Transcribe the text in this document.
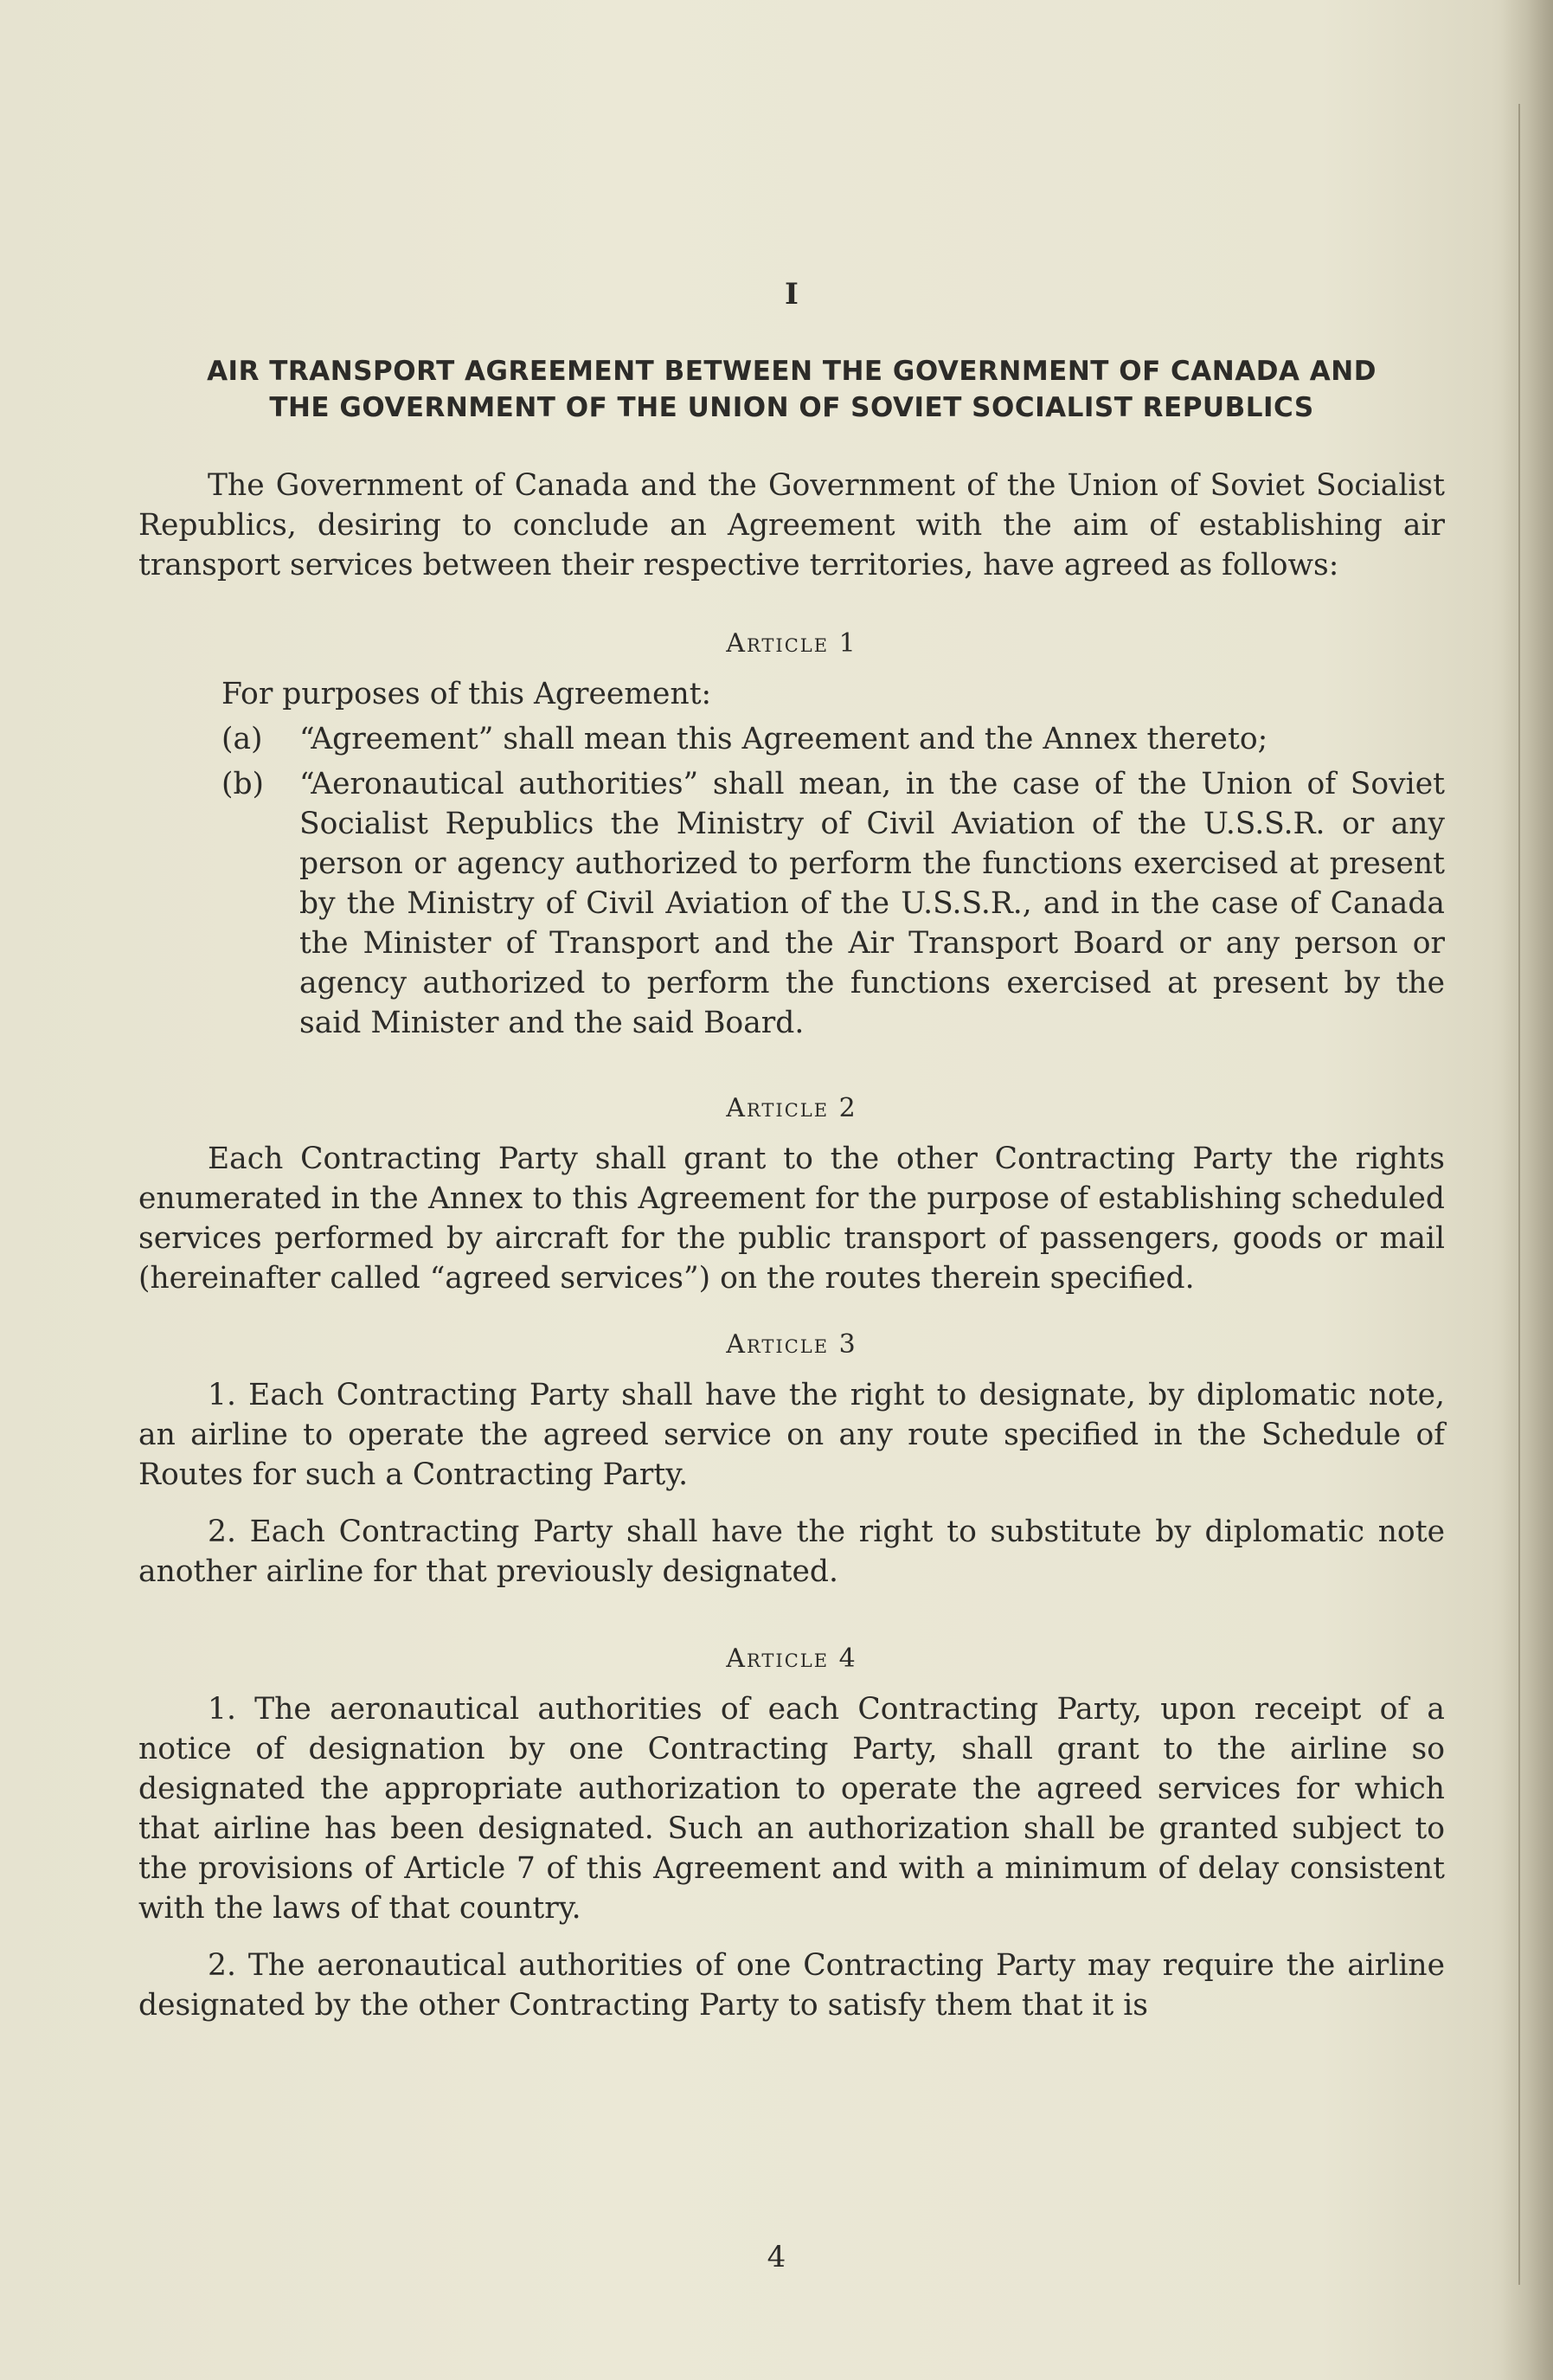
I
AIR TRANSPORT AGREEMENT BETWEEN THE GOVERNMENT OF CANADA AND
THE GOVERNMENT OF THE UNION OF SOVIET SOCIALIST REPUBLICS

The Government of Canada and the Government of the Union of Soviet Socialist Republics, desiring to conclude an Agreement with the aim of establishing air transport services between their respective territories, have agreed as follows:

Article 1
For purposes of this Agreement:
(a)	“Agreement” shall mean this Agreement and the Annex thereto;
(b)	“Aeronautical authorities” shall mean, in the case of the Union of Soviet Socialist Republics the Ministry of Civil Aviation of the U.S.S.R. or any person or agency authorized to perform the functions exercised at present by the Ministry of Civil Aviation of the U.S.S.R., and in the case of Canada the Minister of Transport and the Air Transport Board or any person or agency authorized to perform the functions exercised at present by the said Minister and the said Board.
Article 2

Each Contracting Party shall grant to the other Contracting Party the rights enumerated in the Annex to this Agreement for the purpose of establishing scheduled services performed by aircraft for the public transport of passengers, goods or mail (hereinafter called “agreed services”) on the routes therein specified.

Article 3

1. Each Contracting Party shall have the right to designate, by diplomatic note, an airline to operate the agreed service on any route specified in the Schedule of Routes for such a Contracting Party.

2. Each Contracting Party shall have the right to substitute by diplomatic note another airline for that previously designated.

Article 4

1. The aeronautical authorities of each Contracting Party, upon receipt of a notice of designation by one Contracting Party, shall grant to the airline so designated the appropriate authorization to operate the agreed services for which that airline has been designated. Such an authorization shall be granted subject to the provisions of Article 7 of this Agreement and with a minimum of delay consistent with the laws of that country.

2. The aeronautical authorities of one Contracting Party may require the airline designated by the other Contracting Party to satisfy them that it is

4
